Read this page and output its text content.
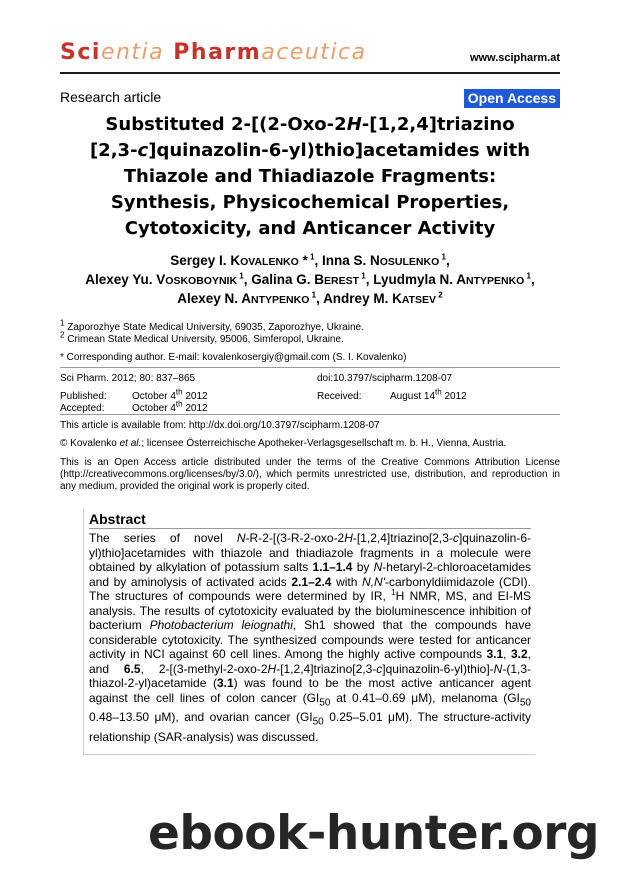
Scientia Pharmaceutica	www.scipharm.at
Research article	Open Access
Substituted 2-[(2-Oxo-2H-[1,2,4]triazino
[2,3-c]quinazolin-6-yl)thio]acetamides with
Thiazole and Thiadiazole Fragments:
Synthesis, Physicochemical Properties,
Cytotoxicity, and Anticancer Activity
Sergey I. KOVALENKO * $^1$, Inna S. NOSULENKO $^1$,
Alexey Yu. VOSKOBOYNIK $^1$, Galina G. BEREST $^1$, Lyudmyla N. ANTYPENKO $^1$,
Alexey N. ANTYPENKO $^1$, Andrey M. KATSEV $^2$
$^1$ Zaporozhye State Medical University, 69035, Zaporozhye, Ukraine.
$^2$ Crimean State Medical University, 95006, Simferopol, Ukraine.
* Corresponding author. E-mail: kovalenkosergiy@gmail.com (S. I. Kovalenko)
Sci Pharm. 2012; 80: 837–865	doi:10.3797/scipharm.1208-07
Published:	October 4th 2012	Received:	August 14th 2012
Accepted:	October 4th 2012
This article is available from: http://dx.doi.org/10.3797/scipharm.1208-07
© Kovalenko et al.; licensee Österreichische Apotheker-Verlagsgesellschaft m. b. H., Vienna, Austria.
This is an Open Access article distributed under the terms of the Creative Commons Attribution License (http://creativecommons.org/licenses/by/3.0/), which permits unrestricted use, distribution, and reproduction in any medium, provided the original work is properly cited.
Abstract
The series of novel N-R-2-[(3-R-2-oxo-2H-[1,2,4]triazino[2,3-c]quinazolin-6-yl)thio]acetamides with thiazole and thiadiazole fragments in a molecule were obtained by alkylation of potassium salts 1.1–1.4 by N-hetaryl-2-chloroacetamides and by aminolysis of activated acids 2.1–2.4 with N,N'-carbonyldiimidazole (CDI). The structures of compounds were determined by IR, $^1$H NMR, MS, and EI-MS analysis. The results of cytotoxicity evaluated by the bioluminescence inhibition of bacterium Photobacterium leiognathi, Sh1 showed that the compounds have considerable cytotoxicity. The synthesized compounds were tested for anticancer activity in NCI against 60 cell lines. Among the highly active compounds 3.1, 3.2, and 6.5, 2-[(3-methyl-2-oxo-2H-[1,2,4]triazino[2,3-c]quinazolin-6-yl)thio]-N-(1,3-thiazol-2-yl)acetamide (3.1) was found to be the most active anticancer agent against the cell lines of colon cancer ($GI_{50}$ at 0.41–0.69 μM), melanoma ($GI_{50}$ 0.48–13.50 μM), and ovarian cancer ($GI_{50}$ 0.25–5.01 μM). The structure-activity relationship (SAR-analysis) was discussed.
ebook-hunter.org
